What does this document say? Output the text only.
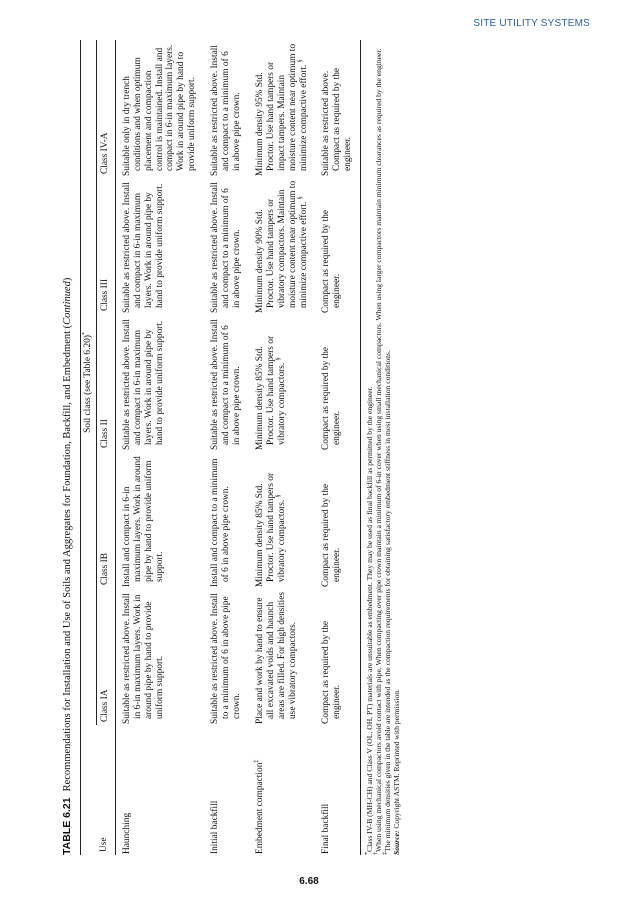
SITE UTILITY SYSTEMS
TABLE 6.21Recommendations for Installation and Use of Soils and Aggregates for Foundation, Backfill, and Embedment (Continued)
	Soil class (see Table 6.20)*
Use	Class IA	Class IB	Class II	Class III	Class IV-A
Haunching	Suitable as restricted above. Install in 6-in maximum layers. Work in around pipe by hand to provide uniform support.	Install and compact in 6-in maximum layers. Work in around pipe by hand to provide uniform support.	Suitable as restricted above. Install and compact in 6-in maximum layers. Work in around pipe by hand to provide uniform support.	Suitable as restricted above. Install and compact in 6-in maximum layers. Work in around pipe by hand to provide uniform support.	Suitable only in dry trench conditions and when optimum placement and compaction control is maintained. Install and compact in 6-in maximum layers. Work in around pipe by hand to provide uniform support.
Initial backfill	Suitable as restricted above. Install to a minimum of 6 in above pipe crown.	Install and compact to a minimum of 6 in above pipe crown.	Suitable as restricted above. Install and compact to a minimum of 6 in above pipe crown.	Suitable as restricted above. Install and compact to a minimum of 6 in above pipe crown.	Suitable as restricted above. Install and compact to a minimum of 6 in above pipe crown.
Embedment compaction‡	Place and work by hand to ensure all excavated voids and haunch areas are filled. For high densities use vibratory compactors.	Minimum density 85% Std. Proctor. Use hand tampers or vibratory compactors. §	Minimum density 85% Std. Proctor. Use hand tampers or vibratory compactors. §	Minimum density 90% Std. Proctor. Use hand tampers or vibratory compactors. Maintain moisture content near optimum to minimize compactive effort. §	Minimum density 95% Std. Proctor. Use hand tampers or impact tampers. Maintain moisture content near optimum to minimize compactive effort. §
Final backfill	Compact as required by the engineer.	Compact as required by the engineer.	Compact as required by the engineer.	Compact as required by the engineer.	Suitable as restricted above. Compact as required by the engineer.
*Class IV-B (MH-CH) and Class V (OL, OH, PT) materials are unsuitable as embedment. They may be used as final backfill as permitted by the engineer.
†When using mechanical compactors avoid contact with pipe. When compacting over pipe crown maintain a minimum of 6-in cover when using small mechanical compactors. When using larger compactors maintain minimum clearances as required by the engineer.
‡The minimum densities given in the table are intended as the compaction requirements for obtaining satisfactory embedment stiffness in most installation conditions. Source: Copyright ASTM. Reprinted with permission.
6.68
